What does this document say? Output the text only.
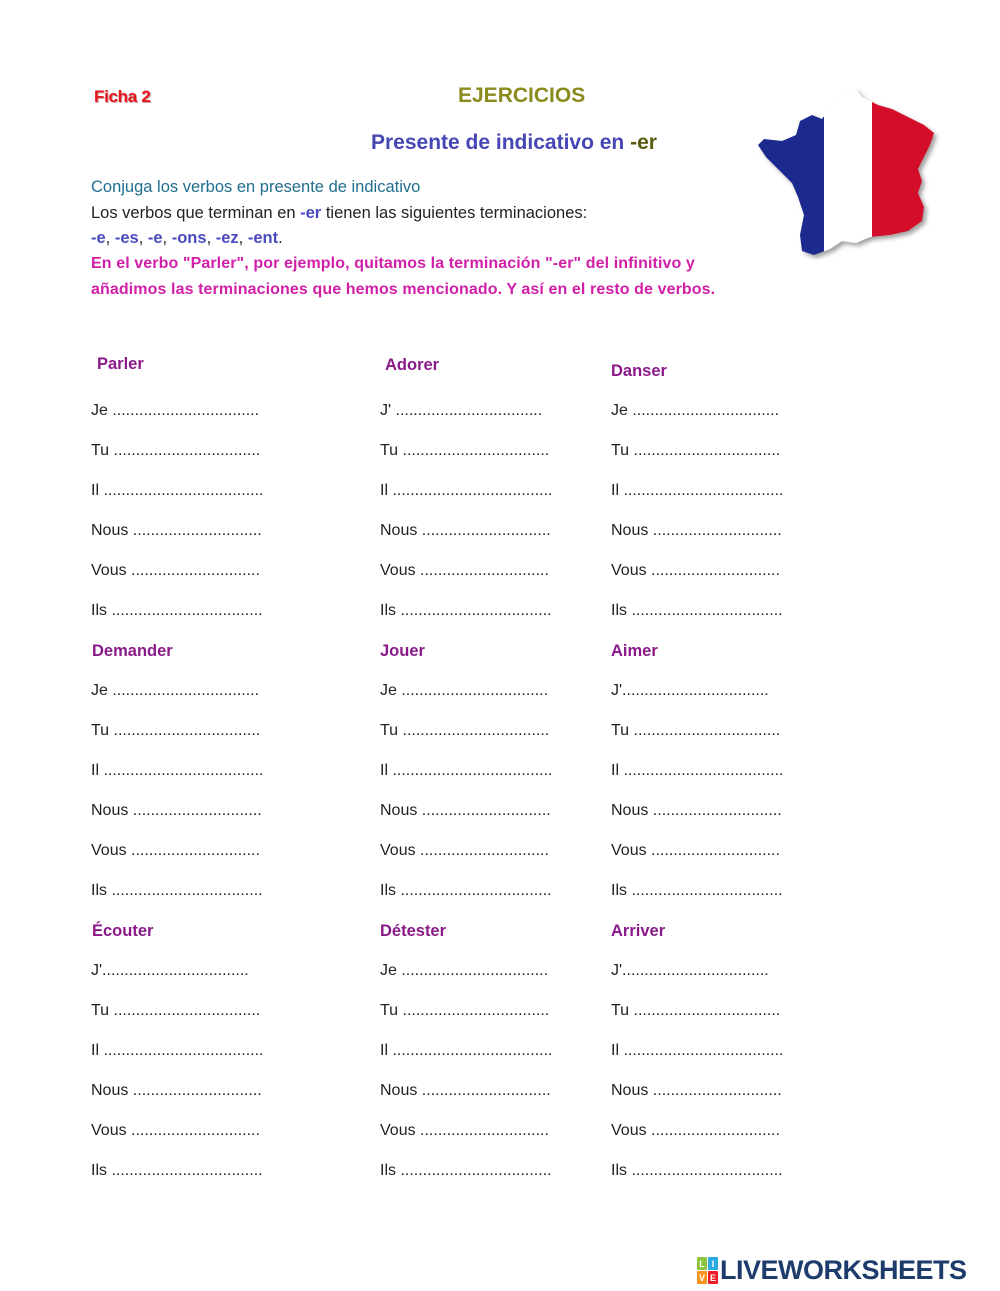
Ficha 2	EJERCICIOS
Presente de indicativo en -er
Conjuga los verbos en presente de indicativo
Los verbos que terminan en -er tienen las siguientes terminaciones:
-e, -es, -e, -ons, -ez, -ent.
En el verbo "Parler", por ejemplo, quitamos la terminación "-er" del infinitivo y
añadimos las terminaciones que hemos mencionado. Y así en el resto de verbos.
Parler
Je .................................
Tu .................................
Il ....................................
Nous .............................
Vous .............................
Ils ..................................
Adorer
J' .................................
Tu .................................
Il ....................................
Nous .............................
Vous .............................
Ils ..................................
Danser
Je .................................
Tu .................................
Il ....................................
Nous .............................
Vous .............................
Ils ..................................
Demander
Je .................................
Tu .................................
Il ....................................
Nous .............................
Vous .............................
Ils ..................................
Jouer
Je .................................
Tu .................................
Il ....................................
Nous .............................
Vous .............................
Ils ..................................
Aimer
J'.................................
Tu .................................
Il ....................................
Nous .............................
Vous .............................
Ils ..................................
Écouter
J'.................................
Tu .................................
Il ....................................
Nous .............................
Vous .............................
Ils ..................................
Détester
Je .................................
Tu .................................
Il ....................................
Nous .............................
Vous .............................
Ils ..................................
Arriver
J'.................................
Tu .................................
Il ....................................
Nous .............................
Vous .............................
Ils ..................................
L I
V E LIVEWORKSHEETS
